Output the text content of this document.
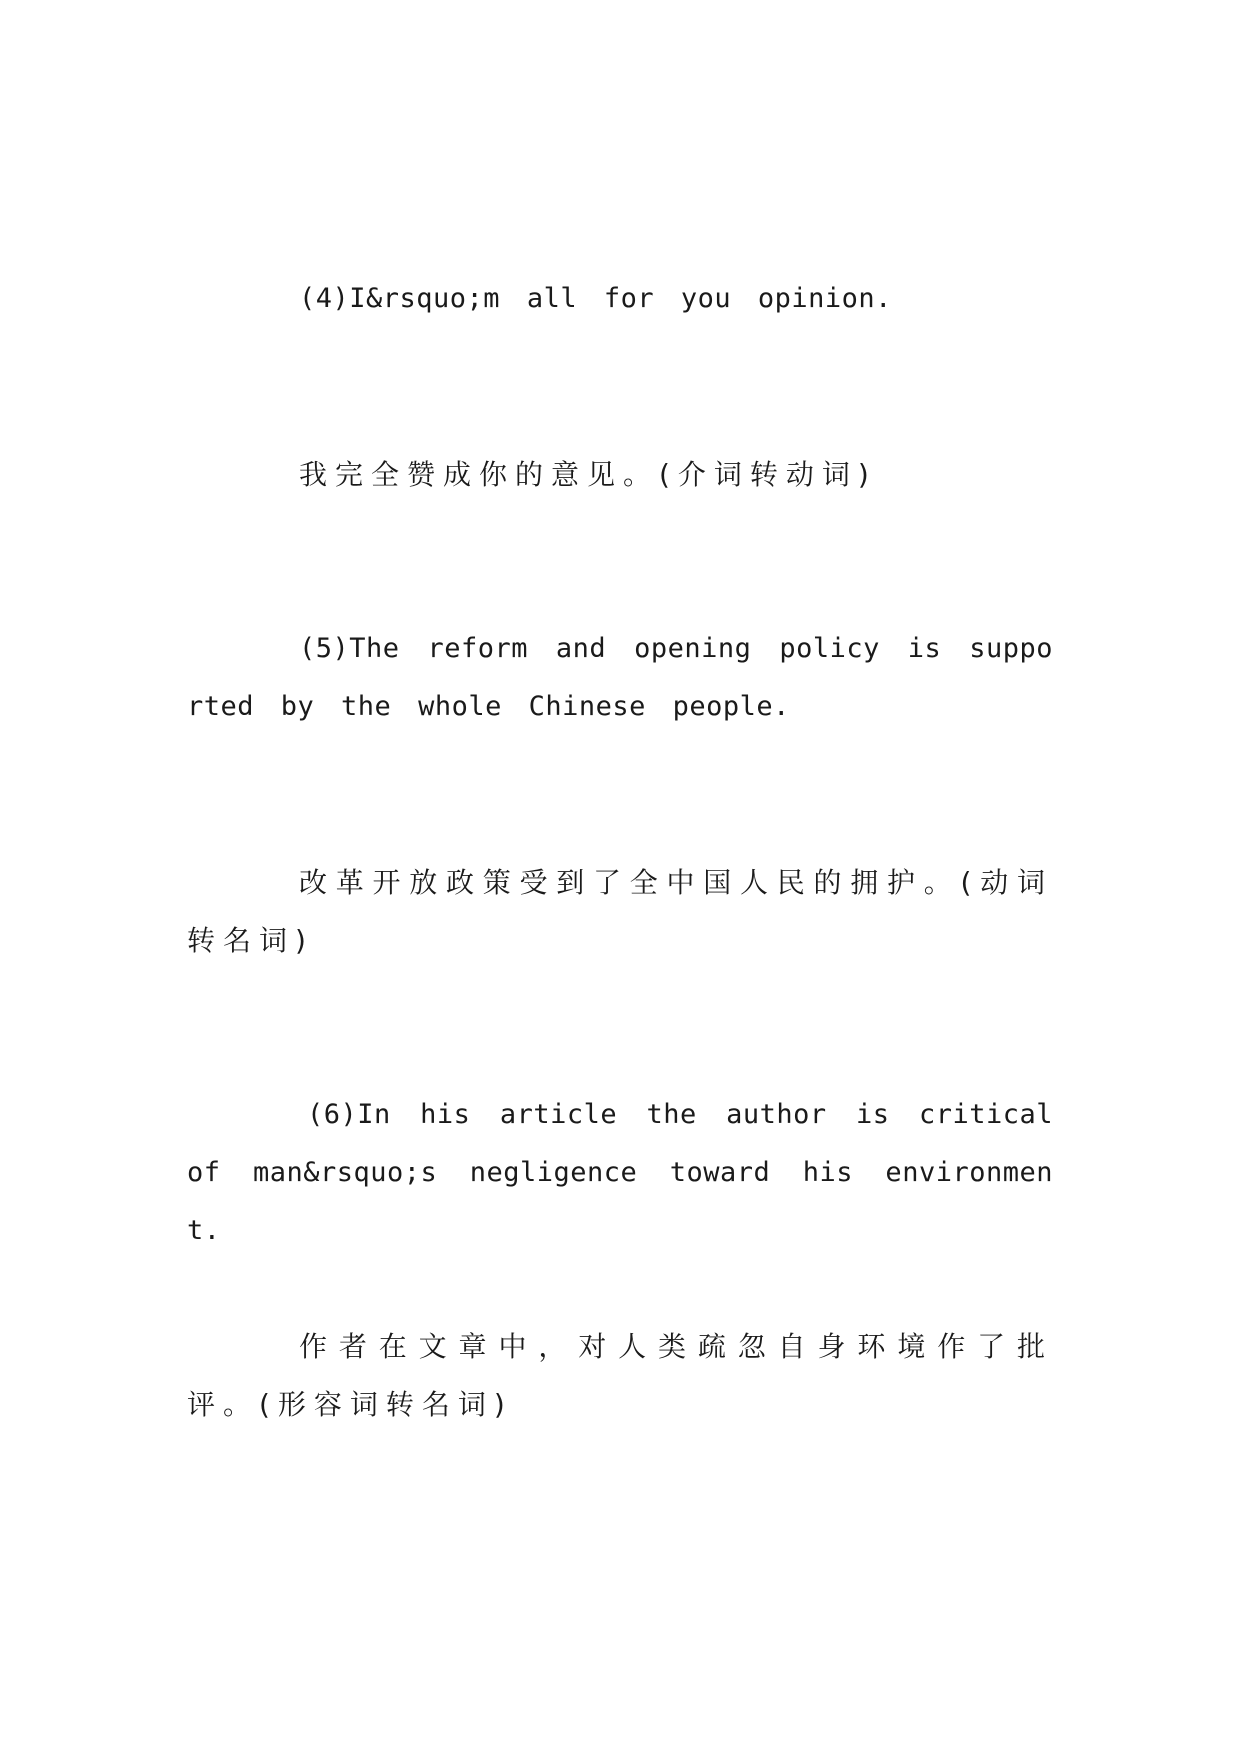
(4)I&rsquo;m all for you opinion.

我完全赞成你的意见。(介词转动词)

(5)The reform and opening policy is supported by the whole Chinese people.

改革开放政策受到了全中国人民的拥护。(动词转名词)

(6)In his article the author is critical of man&rsquo;s negligence toward his environment.

作者在文章中，对人类疏忽自身环境作了批评。(形容词转名词)
